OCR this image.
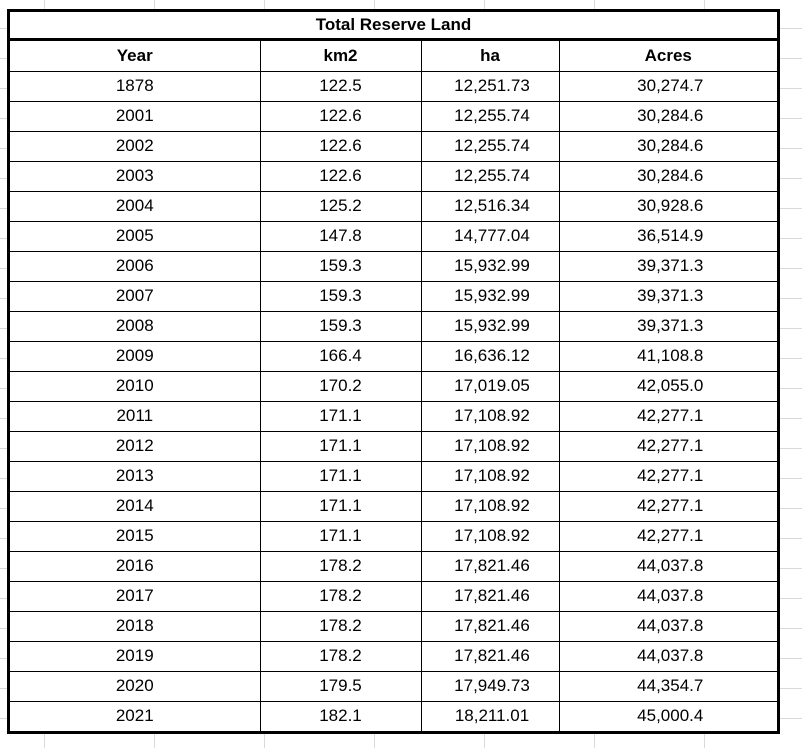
Total Reserve Land
Year	km2	ha	Acres
1878	122.5	12,251.73	30,274.7
2001	122.6	12,255.74	30,284.6
2002	122.6	12,255.74	30,284.6
2003	122.6	12,255.74	30,284.6
2004	125.2	12,516.34	30,928.6
2005	147.8	14,777.04	36,514.9
2006	159.3	15,932.99	39,371.3
2007	159.3	15,932.99	39,371.3
2008	159.3	15,932.99	39,371.3
2009	166.4	16,636.12	41,108.8
2010	170.2	17,019.05	42,055.0
2011	171.1	17,108.92	42,277.1
2012	171.1	17,108.92	42,277.1
2013	171.1	17,108.92	42,277.1
2014	171.1	17,108.92	42,277.1
2015	171.1	17,108.92	42,277.1
2016	178.2	17,821.46	44,037.8
2017	178.2	17,821.46	44,037.8
2018	178.2	17,821.46	44,037.8
2019	178.2	17,821.46	44,037.8
2020	179.5	17,949.73	44,354.7
2021	182.1	18,211.01	45,000.4
